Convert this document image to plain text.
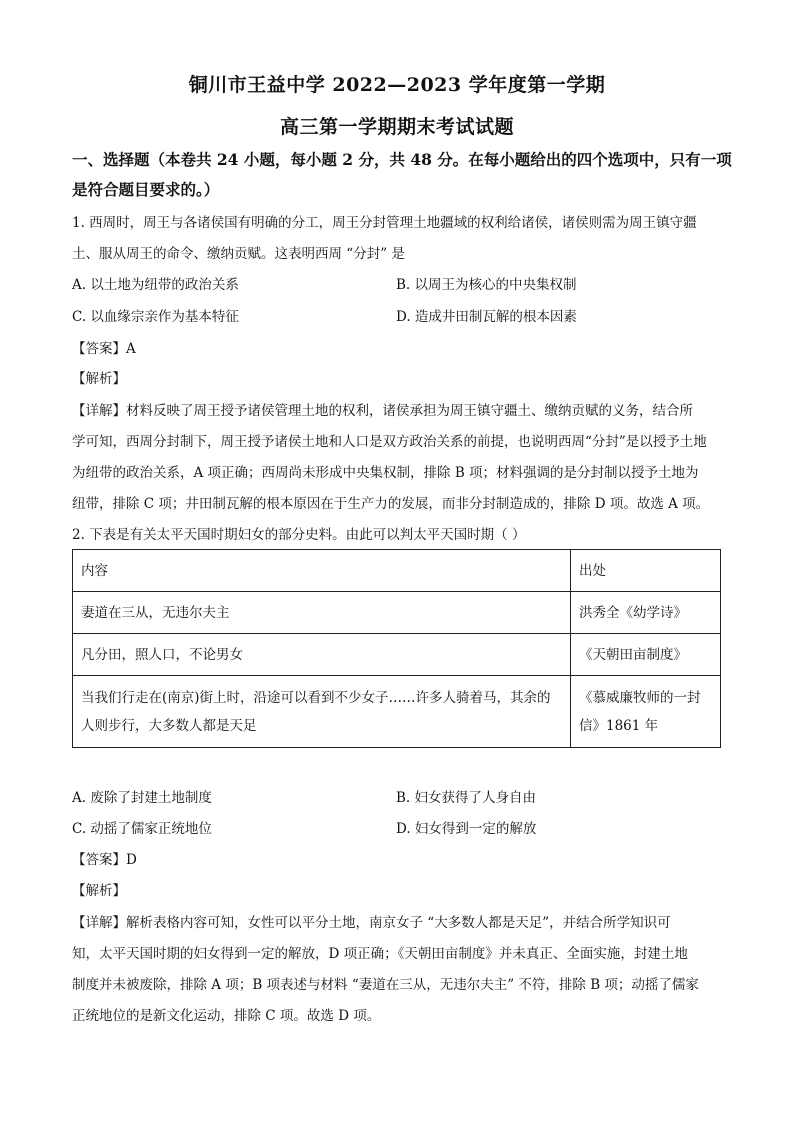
铜川市王益中学 2022—2023 学年度第一学期
高三第一学期期末考试试题
一、选择题（本卷共 24 小题，每小题 2 分，共 48 分。在每小题给出的四个选项中，只有一项
是符合题目要求的。）
1. 西周时，周王与各诸侯国有明确的分工，周王分封管理土地疆域的权利给诸侯，诸侯则需为周王镇守疆
土、服从周王的命令、缴纳贡赋。这表明西周 “分封” 是
A. 以土地为纽带的政治关系	B. 以周王为核心的中央集权制
C. 以血缘宗亲作为基本特征	D. 造成井田制瓦解的根本因素
【答案】A
【解析】
【详解】材料反映了周王授予诸侯管理土地的权利，诸侯承担为周王镇守疆土、缴纳贡赋的义务，结合所
学可知，西周分封制下，周王授予诸侯土地和人口是双方政治关系的前提，也说明西周“分封”是以授予土地
为纽带的政治关系，A 项正确；西周尚未形成中央集权制，排除 B 项；材料强调的是分封制以授予土地为
纽带，排除 C 项；井田制瓦解的根本原因在于生产力的发展，而非分封制造成的，排除 D 项。故选 A 项。
2. 下表是有关太平天国时期妇女的部分史料。由此可以判太平天国时期（ ）
内容	出处
妻道在三从，无违尔夫主	洪秀全《幼学诗》
凡分田，照人口，不论男女	《天朝田亩制度》

当我们行走在(南京)街上时，沿途可以看到不少女子……许多人骑着马，其余的
人则步行，大多数人都是天足	《慕威廉牧师的一封
信》1861 年
A. 废除了封建土地制度	B. 妇女获得了人身自由
C. 动摇了儒家正统地位	D. 妇女得到一定的解放
【答案】D
【解析】
【详解】解析表格内容可知，女性可以平分土地，南京女子 “大多数人都是天足”，并结合所学知识可
知，太平天国时期的妇女得到一定的解放，D 项正确；《天朝田亩制度》并未真正、全面实施，封建土地
制度并未被废除，排除 A 项；B 项表述与材料 “妻道在三从，无违尔夫主” 不符，排除 B 项；动摇了儒家
正统地位的是新文化运动，排除 C 项。故选 D 项。
